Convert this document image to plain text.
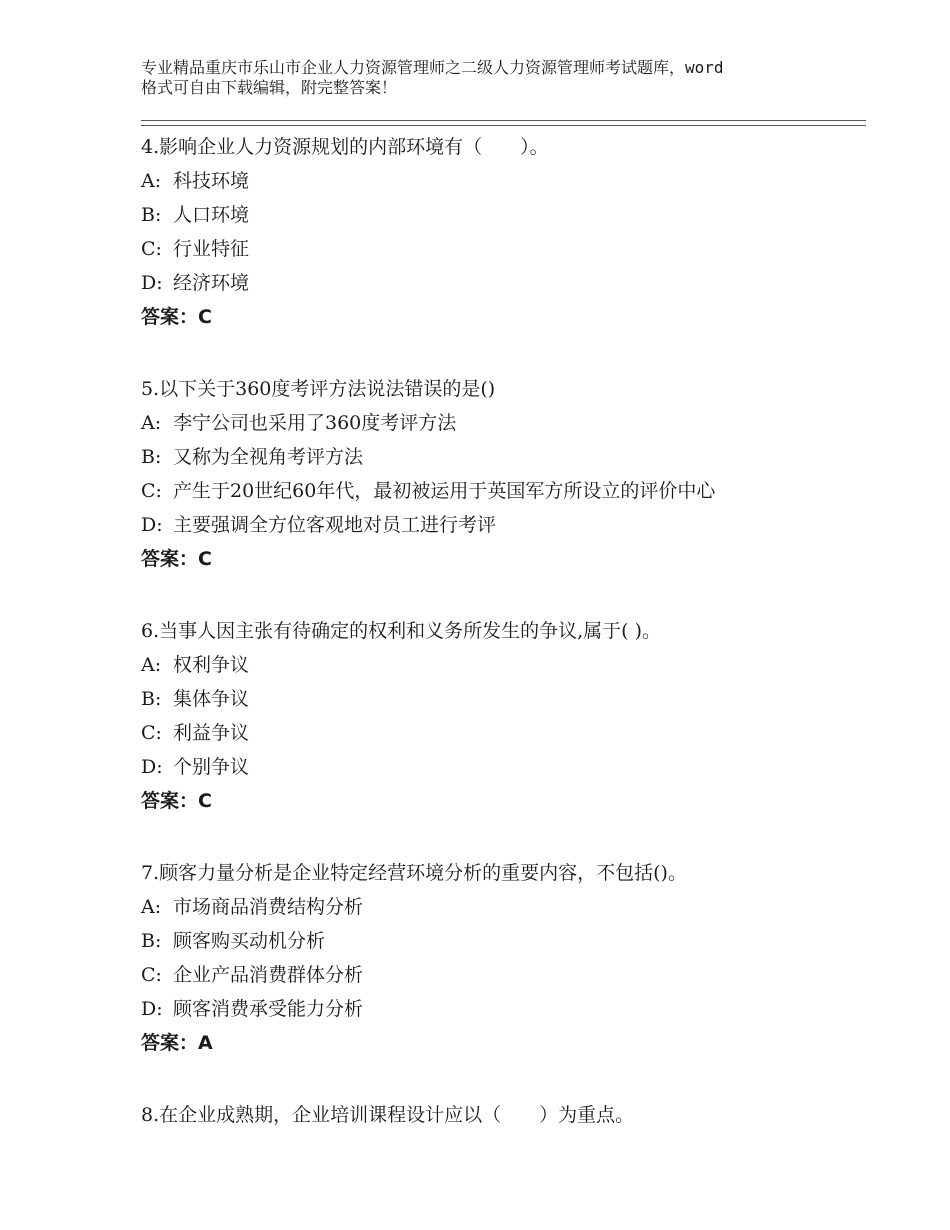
专业精品重庆市乐山市企业人力资源管理师之二级人力资源管理师考试题库，word
格式可自由下载编辑，附完整答案！
4.影响企业人力资源规划的内部环境有（　　）。
A: 科技环境
B: 人口环境
C: 行业特征
D: 经济环境
答案：C
5.以下关于360度考评方法说法错误的是()
A: 李宁公司也采用了360度考评方法
B: 又称为全视角考评方法
C: 产生于20世纪60年代，最初被运用于英国军方所设立的评价中心
D: 主要强调全方位客观地对员工进行考评
答案：C
6.当事人因主张有待确定的权利和义务所发生的争议,属于( )。
A: 权利争议
B: 集体争议
C: 利益争议
D: 个别争议
答案：C
7.顾客力量分析是企业特定经营环境分析的重要内容，不包括()。
A: 市场商品消费结构分析
B: 顾客购买动机分析
C: 企业产品消费群体分析
D: 顾客消费承受能力分析
答案：A
8.在企业成熟期，企业培训课程设计应以（　　）为重点。
